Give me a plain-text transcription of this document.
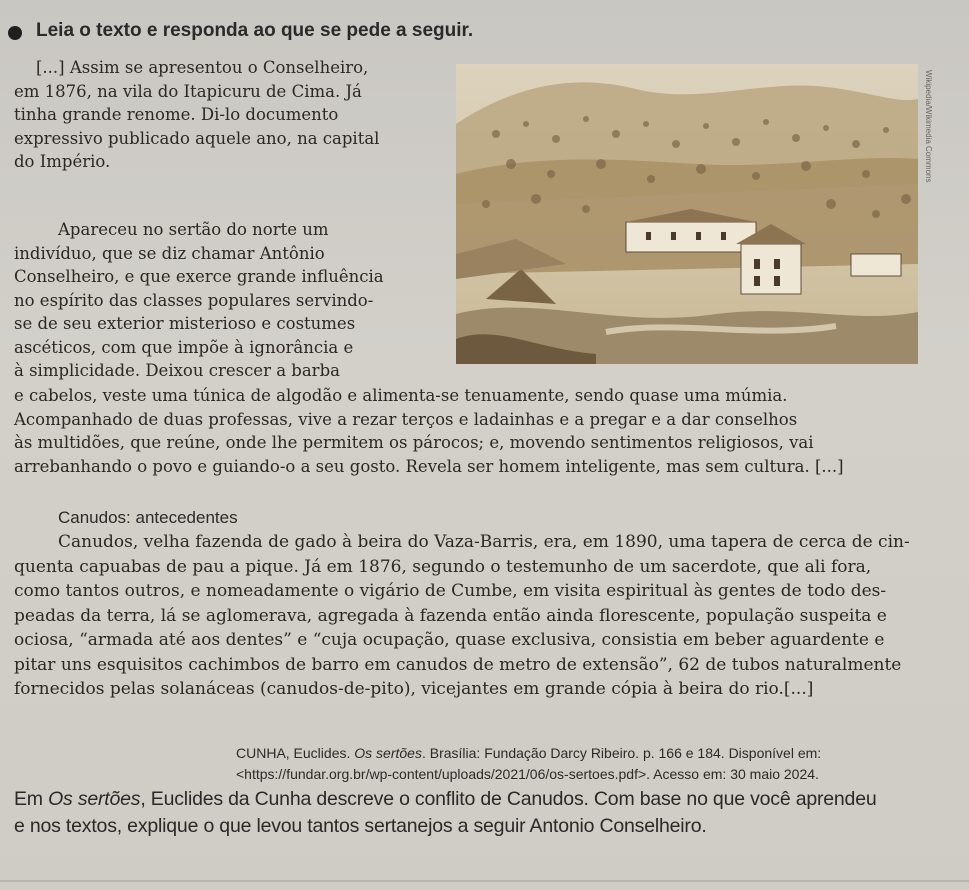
Leia o texto e responda ao que se pede a seguir.
[...] Assim se apresentou o Conselheiro,
em 1876, na vila do Itapicuru de Cima. Já
tinha grande renome. Di-lo documento
expressivo publicado aquele ano, na capital
do Império.
Apareceu no sertão do norte um
indivíduo, que se diz chamar Antônio
Conselheiro, e que exerce grande influência
no espírito das classes populares servindo-
se de seu exterior misterioso e costumes
ascéticos, com que impõe à ignorância e
à simplicidade. Deixou crescer a barba
e cabelos, veste uma túnica de algodão e alimenta-se tenuamente, sendo quase uma múmia.
Acompanhado de duas professas, vive a rezar terços e ladainhas e a pregar e a dar conselhos
às multidões, que reúne, onde lhe permitem os párocos; e, movendo sentimentos religiosos, vai
arrebanhando o povo e guiando-o a seu gosto. Revela ser homem inteligente, mas sem cultura. [...]
Wikipedia/Wikimedia Commons
Canudos: antecedentes
Canudos, velha fazenda de gado à beira do Vaza-Barris, era, em 1890, uma tapera de cerca de cin-
quenta capuabas de pau a pique. Já em 1876, segundo o testemunho de um sacerdote, que ali fora,
como tantos outros, e nomeadamente o vigário de Cumbe, em visita espiritual às gentes de todo des-
peadas da terra, lá se aglomerava, agregada à fazenda então ainda florescente, população suspeita e
ociosa, “armada até aos dentes” e “cuja ocupação, quase exclusiva, consistia em beber aguardente e
pitar uns esquisitos cachimbos de barro em canudos de metro de extensão”, 62 de tubos naturalmente
fornecidos pelas solanáceas (canudos-de-pito), vicejantes em grande cópia à beira do rio.[...]
CUNHA, Euclides. Os sertões. Brasília: Fundação Darcy Ribeiro. p. 166 e 184. Disponível em:
<https://fundar.org.br/wp-content/uploads/2021/06/os-sertoes.pdf>. Acesso em: 30 maio 2024.
Em Os sertões, Euclides da Cunha descreve o conflito de Canudos. Com base no que você aprendeu
e nos textos, explique o que levou tantos sertanejos a seguir Antonio Conselheiro.
